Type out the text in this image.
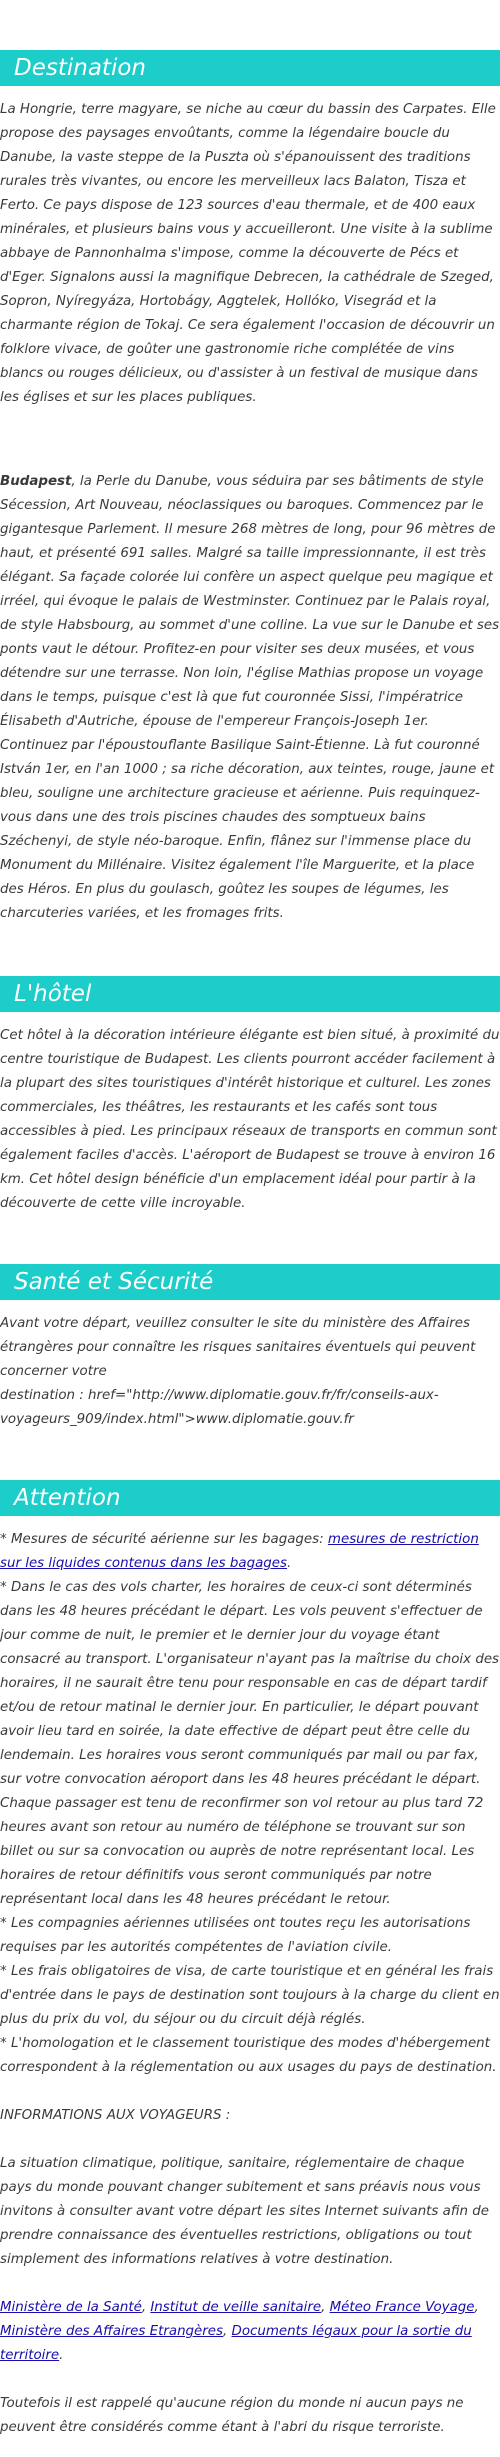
Destination

La Hongrie, terre magyare, se niche au cœur du bassin des Carpates. Elle propose des paysages envoûtants, comme la légendaire boucle du Danube, la vaste steppe de la Puszta où s'épanouissent des traditions rurales très vivantes, ou encore les merveilleux lacs Balaton, Tisza et Ferto. Ce pays dispose de 123 sources d'eau thermale, et de 400 eaux minérales, et plusieurs bains vous y accueilleront. Une visite à la sublime abbaye de Pannonhalma s'impose, comme la découverte de Pécs et d'Eger. Signalons aussi la magnifique Debrecen, la cathédrale de Szeged, Sopron, Nyíregyáza, Hortobágy, Aggtelek, Hollókо, Visegrád et la charmante région de Tokaj. Ce sera également l'occasion de découvrir un folklore vivace, de goûter une gastronomie riche complétée de vins blancs ou rouges délicieux, ou d'assister à un festival de musique dans les églises et sur les places publiques.

Budapest, la Perle du Danube, vous séduira par ses bâtiments de style Sécession, Art Nouveau, néoclassiques ou baroques. Commencez par le gigantesque Parlement. Il mesure 268 mètres de long, pour 96 mètres de haut, et présenté 691 salles. Malgré sa taille impressionnante, il est très élégant. Sa façade colorée lui confère un aspect quelque peu magique et irréel, qui évoque le palais de Westminster. Continuez par le Palais royal, de style Habsbourg, au sommet d'une colline. La vue sur le Danube et ses ponts vaut le détour. Profitez-en pour visiter ses deux musées, et vous détendre sur une terrasse. Non loin, l'église Mathias propose un voyage dans le temps, puisque c'est là que fut couronnée Sissi, l'impératrice Élisabeth d'Autriche, épouse de l'empereur François-Joseph 1er. Continuez par l'époustouflante Basilique Saint-Étienne. Là fut couronné István 1er, en l'an 1000 ; sa riche décoration, aux teintes, rouge, jaune et bleu, souligne une architecture gracieuse et aérienne. Puis requinquez-vous dans une des trois piscines chaudes des somptueux bains Széchenyi, de style néo-baroque. Enfin, flânez sur l'immense place du Monument du Millénaire. Visitez également l'île Marguerite, et la place des Héros. En plus du goulasch, goûtez les soupes de légumes, les charcuteries variées, et les fromages frits.

L'hôtel

Cet hôtel à la décoration intérieure élégante est bien situé, à proximité du centre touristique de Budapest. Les clients pourront accéder facilement à la plupart des sites touristiques d'intérêt historique et culturel. Les zones commerciales, les théâtres, les restaurants et les cafés sont tous accessibles à pied. Les principaux réseaux de transports en commun sont également faciles d'accès. L'aéroport de Budapest se trouve à environ 16 km. Cet hôtel design bénéficie d'un emplacement idéal pour partir à la découverte de cette ville incroyable.

Santé et Sécurité

Avant votre départ, veuillez consulter le site du ministère des Affaires étrangères pour connaître les risques sanitaires éventuels qui peuvent concerner votre
destination : href="http://www.diplomatie.gouv.fr/fr/conseils-aux-voyageurs_909/index.html">www.diplomatie.gouv.fr

Attention

* Mesures de sécurité aérienne sur les bagages: mesures de restriction sur les liquides contenus dans les bagages.

* Dans le cas des vols charter, les horaires de ceux-ci sont déterminés dans les 48 heures précédant le départ. Les vols peuvent s'effectuer de jour comme de nuit, le premier et le dernier jour du voyage étant consacré au transport. L'organisateur n'ayant pas la maîtrise du choix des horaires, il ne saurait être tenu pour responsable en cas de départ tardif et/ou de retour matinal le dernier jour. En particulier, le départ pouvant avoir lieu tard en soirée, la date effective de départ peut être celle du lendemain. Les horaires vous seront communiqués par mail ou par fax, sur votre convocation aéroport dans les 48 heures précédant le départ. Chaque passager est tenu de reconfirmer son vol retour au plus tard 72 heures avant son retour au numéro de téléphone se trouvant sur son billet ou sur sa convocation ou auprès de notre représentant local. Les horaires de retour définitifs vous seront communiqués par notre représentant local dans les 48 heures précédant le retour.

* Les compagnies aériennes utilisées ont toutes reçu les autorisations requises par les autorités compétentes de l'aviation civile.

* Les frais obligatoires de visa, de carte touristique et en général les frais d'entrée dans le pays de destination sont toujours à la charge du client en plus du prix du vol, du séjour ou du circuit déjà réglés.

* L'homologation et le classement touristique des modes d'hébergement correspondent à la réglementation ou aux usages du pays de destination.

INFORMATIONS AUX VOYAGEURS :

La situation climatique, politique, sanitaire, réglementaire de chaque pays du monde pouvant changer subitement et sans préavis nous vous invitons à consulter avant votre départ les sites Internet suivants afin de prendre connaissance des éventuelles restrictions, obligations ou tout simplement des informations relatives à votre destination.

Ministère de la Santé, Institut de veille sanitaire, Méteo France Voyage, Ministère des Affaires Etrangères, Documents légaux pour la sortie du territoire.

Toutefois il est rappelé qu'aucune région du monde ni aucun pays ne peuvent être considérés comme étant à l'abri du risque terroriste.
